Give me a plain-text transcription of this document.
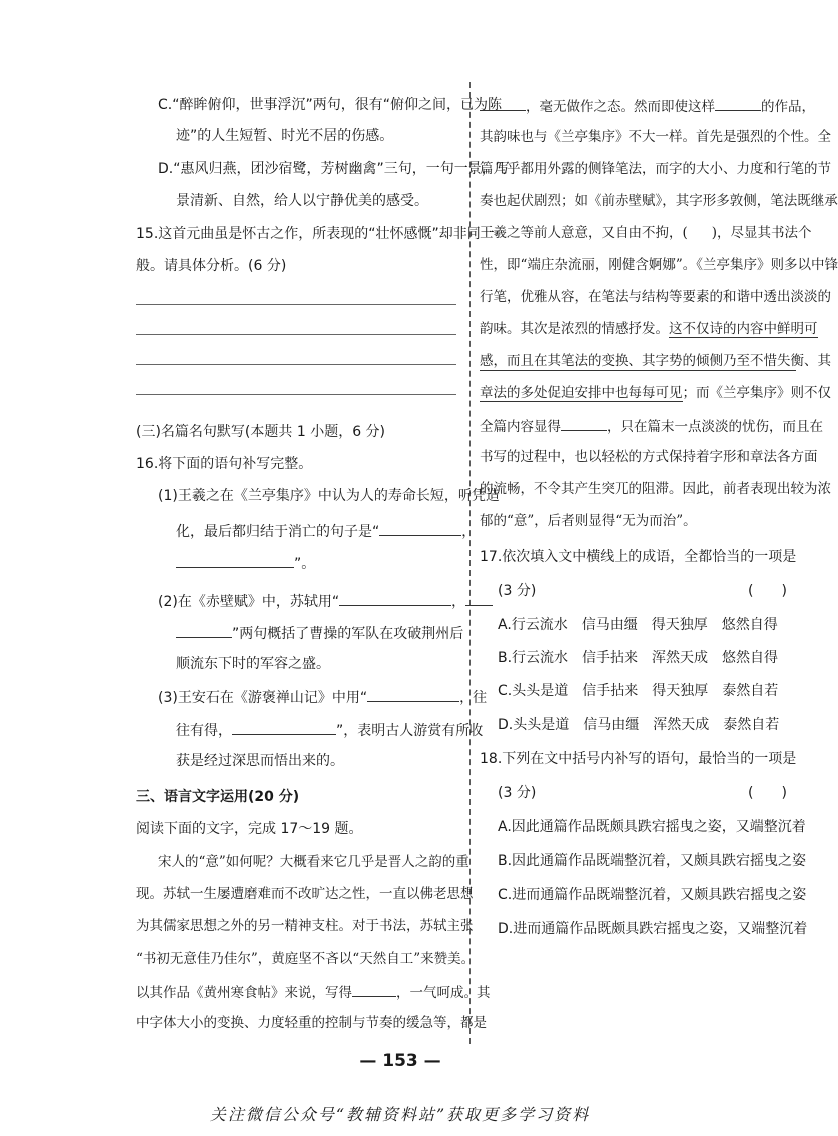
C.“醉眸俯仰，世事浮沉”两句，很有“俯仰之间，已为陈
迹”的人生短暂、时光不居的伤感。
D.“惠风归燕，团沙宿鹭，芳树幽禽”三句，一句一景，写
景清新、自然，给人以宁静优美的感受。
15.这首元曲虽是怀古之作，所表现的“壮怀感慨”却非同一
般。请具体分析。(6 分)
(三)名篇名句默写(本题共 1 小题，6 分)
16.将下面的语句补写完整。
(1)王羲之在《兰亭集序》中认为人的寿命长短，听凭造
化，最后都归结于消亡的句子是“	，
”。
(2)在《赤壁赋》中，苏轼用“	，
”两句概括了曹操的军队在攻破荆州后
顺流东下时的军容之盛。
(3)王安石在《游褒禅山记》中用“	，往
往有得，	”，表明古人游赏有所收
获是经过深思而悟出来的。
三、语言文字运用(20 分)
阅读下面的文字，完成 17～19 题。
宋人的“意”如何呢？大概看来它几乎是晋人之韵的重
现。苏轼一生屡遭磨难而不改旷达之性，一直以佛老思想
为其儒家思想之外的另一精神支柱。对于书法，苏轼主张
“书初无意佳乃佳尔”，黄庭坚不吝以“天然自工”来赞美。
以其作品《黄州寒食帖》来说，写得	，一气呵成。其
中字体大小的变换、力度轻重的控制与节奏的缓急等，都是
，毫无做作之态。然而即使这样	的作品，
其韵味也与《兰亭集序》不大一样。首先是强烈的个性。全
篇几乎都用外露的侧锋笔法，而字的大小、力度和行笔的节
奏也起伏剧烈；如《前赤壁赋》，其字形多敦侧，笔法既继承
王羲之等前人意意，又自由不拘，( )，尽显其书法个
性，即“端庄杂流丽，刚健含婀娜”。《兰亭集序》则多以中锋
行笔，优雅从容，在笔法与结构等要素的和谐中透出淡淡的
韵味。其次是浓烈的情感抒发。这不仅诗的内容中鲜明可
感，而且在其笔法的变换、其字势的倾侧乃至不惜失衡、其
章法的多处促迫安排中也每每可见；而《兰亭集序》则不仅
全篇内容显得	，只在篇末一点淡淡的忧伤，而且在
书写的过程中，也以轻松的方式保持着字形和章法各方面
的流畅，不令其产生突兀的阻滞。因此，前者表现出较为浓
郁的“意”，后者则显得“无为而治”。
17.依次填入文中横线上的成语，全都恰当的一项是
(3 分)	(　　)
A.行云流水　信马由缰　得天独厚　悠然自得
B.行云流水　信手拈来　浑然天成　悠然自得
C.头头是道　信手拈来　得天独厚　泰然自若
D.头头是道　信马由缰　浑然天成　泰然自若
18.下列在文中括号内补写的语句，最恰当的一项是
(3 分)	(　　)
A.因此通篇作品既颇具跌宕摇曳之姿，又端整沉着
B.因此通篇作品既端整沉着，又颇具跌宕摇曳之姿
C.进而通篇作品既端整沉着，又颇具跌宕摇曳之姿
D.进而通篇作品既颇具跌宕摇曳之姿，又端整沉着
— 153 —
关注微信公众号“教辅资料站”获取更多学习资料
